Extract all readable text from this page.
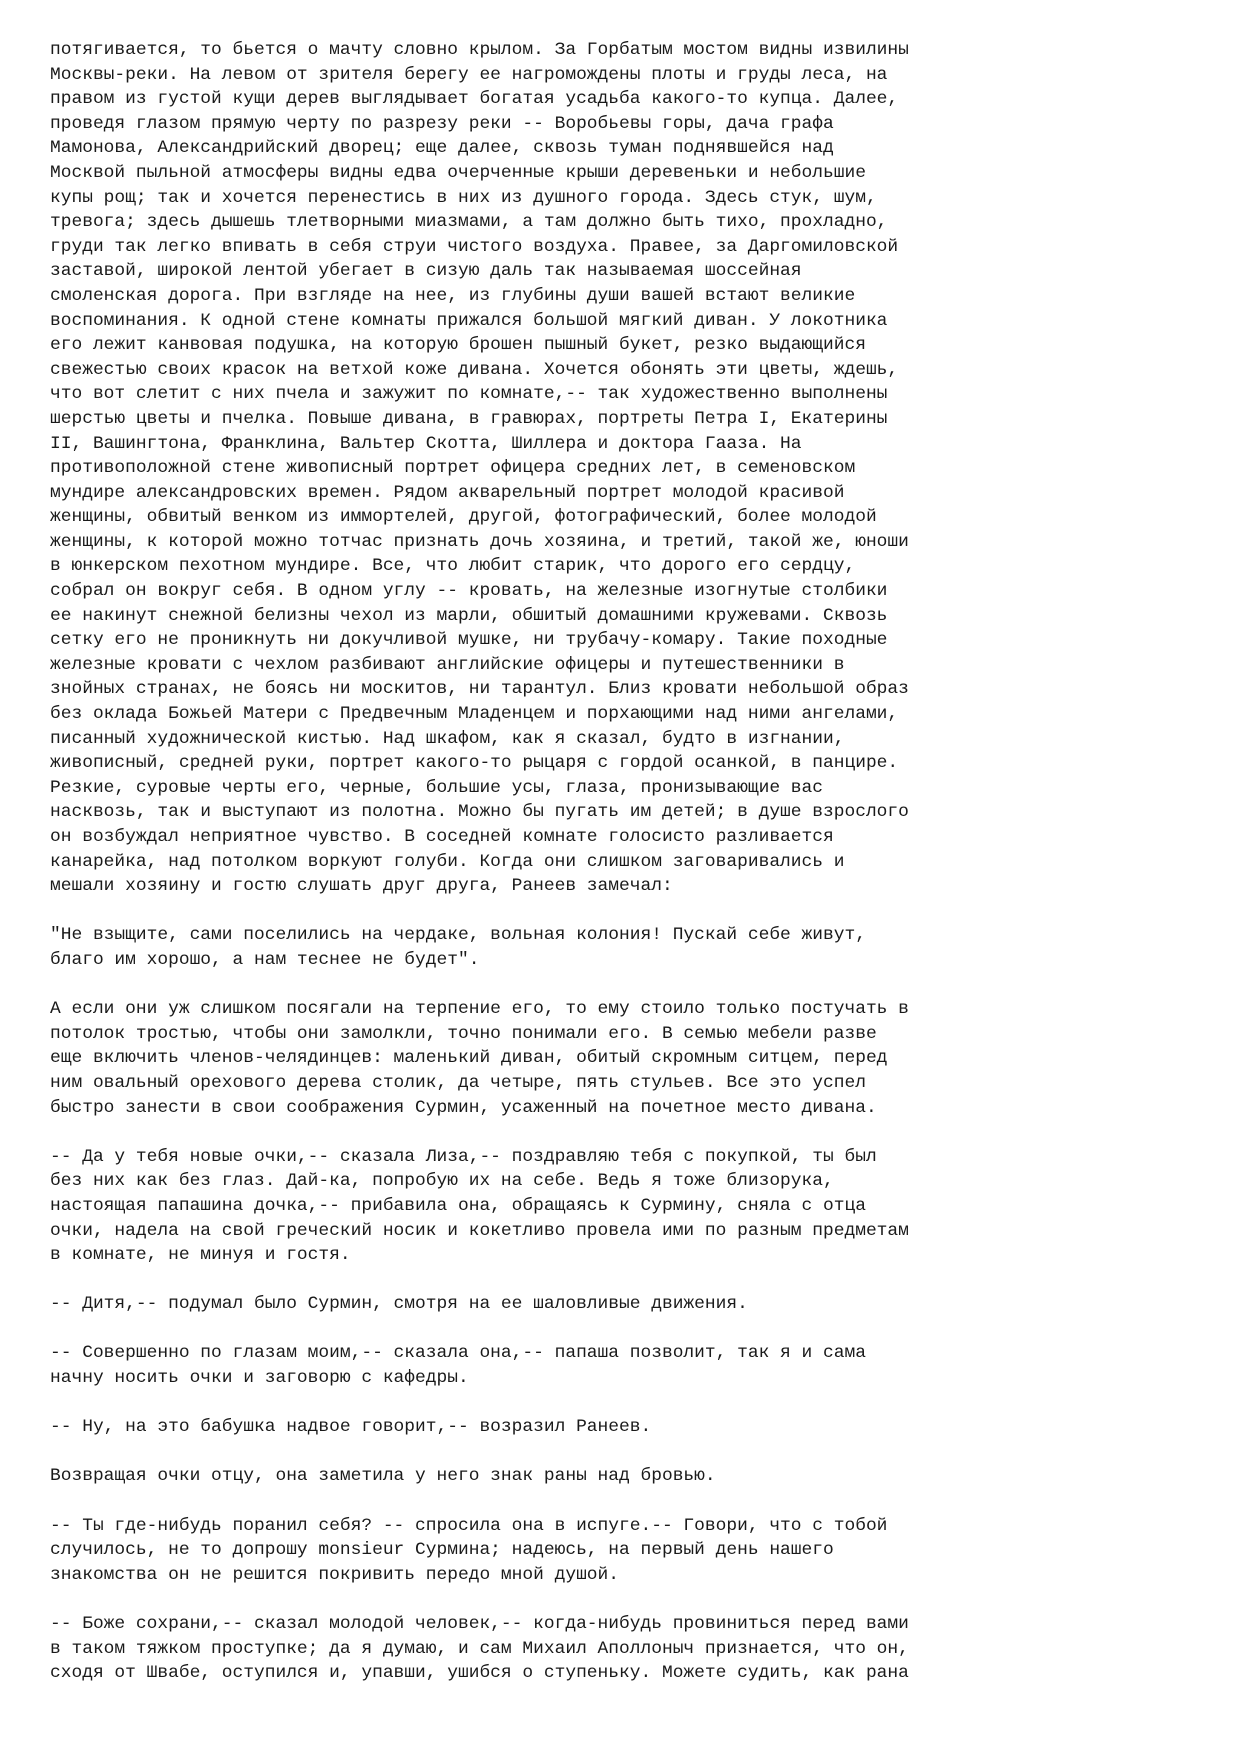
потягивается, то бьется о мачту словно крылом. За Горбатым мостом видны извилины
Москвы-реки. На левом от зрителя берегу ее нагромождены плоты и груды леса, на
правом из густой кущи дерев выглядывает богатая усадьба какого-то купца. Далее,
проведя глазом прямую черту по разрезу реки -- Воробьевы горы, дача графа
Мамонова, Александрийский дворец; еще далее, сквозь туман поднявшейся над
Москвой пыльной атмосферы видны едва очерченные крыши деревеньки и небольшие
купы рощ; так и хочется перенестись в них из душного города. Здесь стук, шум,
тревога; здесь дышешь тлетворными миазмами, а там должно быть тихо, прохладно,
груди так легко впивать в себя струи чистого воздуха. Правее, за Даргомиловской
заставой, широкой лентой убегает в сизую даль так называемая шоссейная
смоленская дорога. При взгляде на нее, из глубины души вашей встают великие
воспоминания. К одной стене комнаты прижался большой мягкий диван. У локотника
его лежит канвовая подушка, на которую брошен пышный букет, резко выдающийся
свежестью своих красок на ветхой коже дивана. Хочется обонять эти цветы, ждешь,
что вот слетит с них пчела и зажужит по комнате,-- так художественно выполнены
шерстью цветы и пчелка. Повыше дивана, в гравюрах, портреты Петра I, Екатерины
II, Вашингтона, Франклина, Вальтер Скотта, Шиллера и доктора Гааза. На
противоположной стене живописный портрет офицера средних лет, в семеновском
мундире александровских времен. Рядом акварельный портрет молодой красивой
женщины, обвитый венком из иммортелей, другой, фотографический, более молодой
женщины, к которой можно тотчас признать дочь хозяина, и третий, такой же, юноши
в юнкерском пехотном мундире. Все, что любит старик, что дорого его сердцу,
собрал он вокруг себя. В одном углу -- кровать, на железные изогнутые столбики
ее накинут снежной белизны чехол из марли, обшитый домашними кружевами. Сквозь
сетку его не проникнуть ни докучливой мушке, ни трубачу-комару. Такие походные
железные кровати с чехлом разбивают английские офицеры и путешественники в
знойных странах, не боясь ни москитов, ни тарантул. Близ кровати небольшой образ
без оклада Божьей Матери с Предвечным Младенцем и порхающими над ними ангелами,
писанный художнической кистью. Над шкафом, как я сказал, будто в изгнании,
живописный, средней руки, портрет какого-то рыцаря с гордой осанкой, в панцире.
Резкие, суровые черты его, черные, большие усы, глаза, пронизывающие вас
насквозь, так и выступают из полотна. Можно бы пугать им детей; в душе взрослого
он возбуждал неприятное чувство. В соседней комнате голосисто разливается
канарейка, над потолком воркуют голуби. Когда они слишком заговаривались и
мешали хозяину и гостю слушать друг друга, Ранеев замечал:

"Не взыщите, сами поселились на чердаке, вольная колония! Пускай себе живут,
благо им хорошо, а нам теснее не будет".

А если они уж слишком посягали на терпение его, то ему стоило только постучать в
потолок тростью, чтобы они замолкли, точно понимали его. В семью мебели разве
еще включить членов-челядинцев: маленький диван, обитый скромным ситцем, перед
ним овальный орехового дерева столик, да четыре, пять стульев. Все это успел
быстро занести в свои соображения Сурмин, усаженный на почетное место дивана.

-- Да у тебя новые очки,-- сказала Лиза,-- поздравляю тебя с покупкой, ты был
без них как без глаз. Дай-ка, попробую их на себе. Ведь я тоже близорука,
настоящая папашина дочка,-- прибавила она, обращаясь к Сурмину, сняла с отца
очки, надела на свой греческий носик и кокетливо провела ими по разным предметам
в комнате, не минуя и гостя.

-- Дитя,-- подумал было Сурмин, смотря на ее шаловливые движения.

-- Совершенно по глазам моим,-- сказала она,-- папаша позволит, так я и сама
начну носить очки и заговорю с кафедры.

-- Ну, на это бабушка надвое говорит,-- возразил Ранеев.

Возвращая очки отцу, она заметила у него знак раны над бровью.

-- Ты где-нибудь поранил себя? -- спросила она в испуге.-- Говори, что с тобой
случилось, не то допрошу monsieur Сурмина; надеюсь, на первый день нашего
знакомства он не решится покривить передо мной душой.

-- Боже сохрани,-- сказал молодой человек,-- когда-нибудь провиниться перед вами
в таком тяжком проступке; да я думаю, и сам Михаил Аполлоныч признается, что он,
сходя от Швабе, оступился и, упавши, ушибся о ступеньку. Можете судить, как рана
